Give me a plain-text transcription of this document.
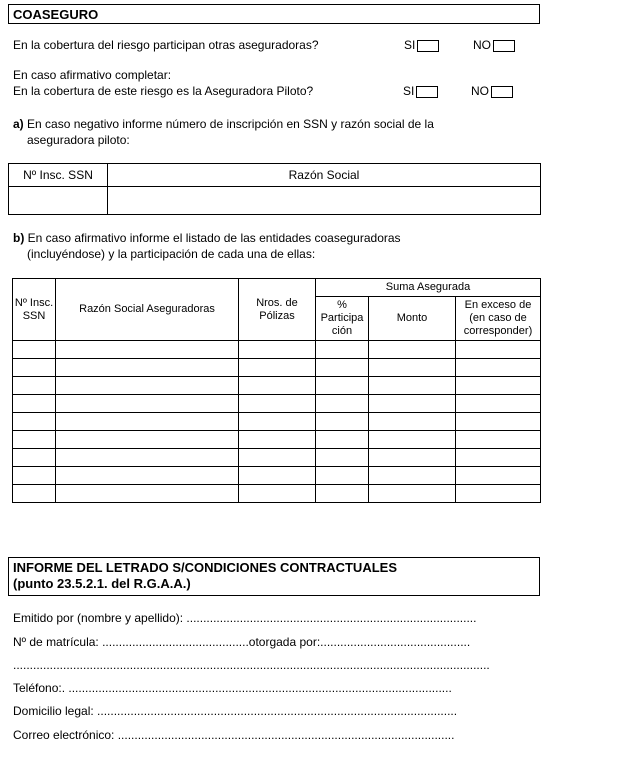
COASEGURO
En la cobertura del riesgo participan otras aseguradoras?	SI	NO
En caso afirmativo completar:
En la cobertura de este riesgo es la Aseguradora Piloto?	SI	NO
a) En caso negativo informe número de inscripción en SSN y razón social de la
aseguradora piloto:
Nº Insc. SSN	Razón Social

b) En caso afirmativo informe el listado de las entidades coaseguradoras
(incluyéndose) y la participación de cada una de ellas:
Nº Insc. SSN	Razón Social Aseguradoras	Nros. de Pólizas	Suma Asegurada		
			% Participa ción	Monto	En exceso de (en caso de corresponder)

INFORME DEL LETRADO S/CONDICIONES CONTRACTUALES
(punto 23.5.2.1. del R.G.A.A.)
Emitido por (nombre y apellido): .......................................................................................
Nº de matrícula: ............................................otorgada por:.............................................
...............................................................................................................................................
Teléfono:. ...................................................................................................................
Domicilio legal: ............................................................................................................
Correo electrónico: .....................................................................................................
